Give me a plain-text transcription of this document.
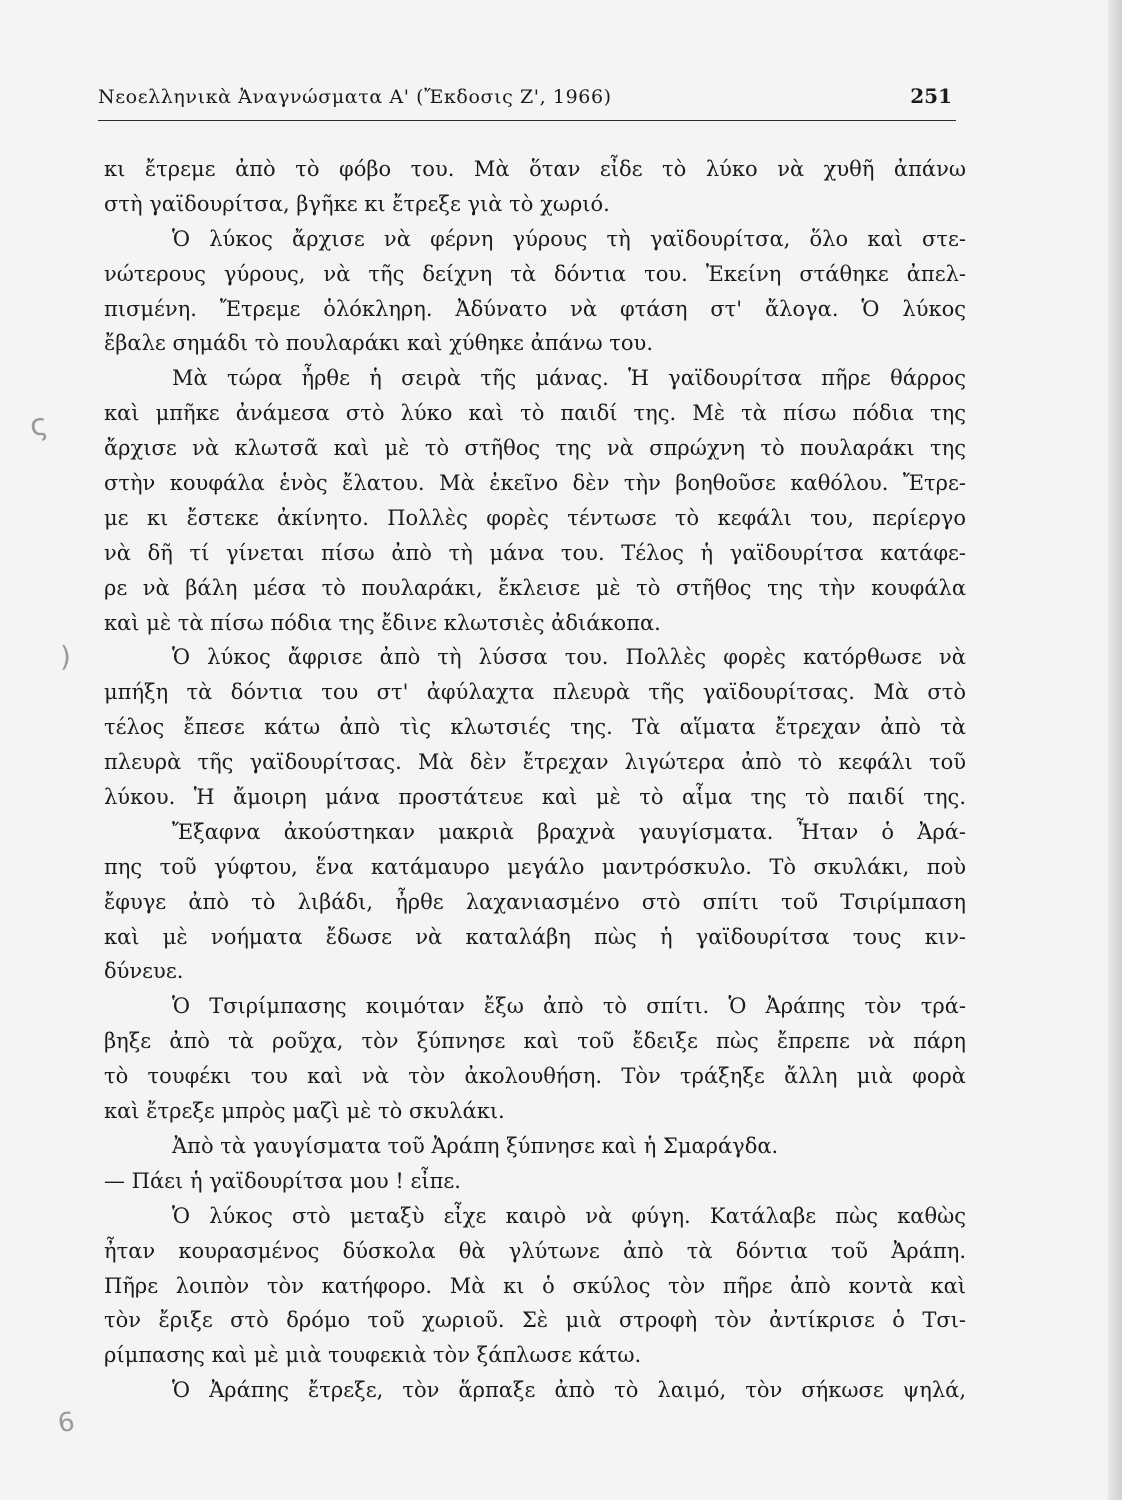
Νεοελληνικὰ Ἀναγνώσματα Α' (Ἔκδοσις Ζ', 1966)	251
κι ἔτρεμε ἀπὸ τὸ φόβο του. Μὰ ὅταν εἶδε τὸ λύκο νὰ χυθῆ ἀπάνω
στὴ γαϊδουρίτσα, βγῆκε κι ἔτρεξε γιὰ τὸ χωριό.
Ὁ λύκος ἄρχισε νὰ φέρνη γύρους τὴ γαϊδουρίτσα, ὅλο καὶ στε-
νώτερους γύρους, νὰ τῆς δείχνη τὰ δόντια του. Ἐκείνη στάθηκε ἀπελ-
πισμένη. Ἔτρεμε ὁλόκληρη. Ἀδύνατο νὰ φτάση στ' ἄλογα. Ὁ λύκος
ἔβαλε σημάδι τὸ πουλαράκι καὶ χύθηκε ἀπάνω του.
Μὰ τώρα ἦρθε ἡ σειρὰ τῆς μάνας. Ἡ γαϊδουρίτσα πῆρε θάρρος
καὶ μπῆκε ἀνάμεσα στὸ λύκο καὶ τὸ παιδί της. Μὲ τὰ πίσω πόδια της
ἄρχισε νὰ κλωτσᾶ καὶ μὲ τὸ στῆθος της νὰ σπρώχνη τὸ πουλαράκι της
στὴν κουφάλα ἑνὸς ἔλατου. Μὰ ἐκεῖνο δὲν τὴν βοηθοῦσε καθόλου. Ἔτρε-
με κι ἔστεκε ἀκίνητο. Πολλὲς φορὲς τέντωσε τὸ κεφάλι του, περίεργο
νὰ δῆ τί γίνεται πίσω ἀπὸ τὴ μάνα του. Τέλος ἡ γαϊδουρίτσα κατάφε-
ρε νὰ βάλη μέσα τὸ πουλαράκι, ἔκλεισε μὲ τὸ στῆθος της τὴν κουφάλα
καὶ μὲ τὰ πίσω πόδια της ἔδινε κλωτσιὲς ἀδιάκοπα.
Ὁ λύκος ἄφρισε ἀπὸ τὴ λύσσα του. Πολλὲς φορὲς κατόρθωσε νὰ
μπήξη τὰ δόντια του στ' ἀφύλαχτα πλευρὰ τῆς γαϊδουρίτσας. Μὰ στὸ
τέλος ἔπεσε κάτω ἀπὸ τὶς κλωτσιές της. Τὰ αἵματα ἔτρεχαν ἀπὸ τὰ
πλευρὰ τῆς γαϊδουρίτσας. Μὰ δὲν ἔτρεχαν λιγώτερα ἀπὸ τὸ κεφάλι τοῦ
λύκου. Ἡ ἄμοιρη μάνα προστάτευε καὶ μὲ τὸ αἷμα της τὸ παιδί της.
Ἔξαφνα ἀκούστηκαν μακριὰ βραχνὰ γαυγίσματα. Ἦταν ὁ Ἀρά-
πης τοῦ γύφτου, ἕνα κατάμαυρο μεγάλο μαντρόσκυλο. Τὸ σκυλάκι, ποὺ
ἔφυγε ἀπὸ τὸ λιβάδι, ἦρθε λαχανιασμένο στὸ σπίτι τοῦ Τσιρίμπαση
καὶ μὲ νοήματα ἔδωσε νὰ καταλάβη πὼς ἡ γαϊδουρίτσα τους κιν-
δύνευε.
Ὁ Τσιρίμπασης κοιμόταν ἔξω ἀπὸ τὸ σπίτι. Ὁ Ἀράπης τὸν τρά-
βηξε ἀπὸ τὰ ροῦχα, τὸν ξύπνησε καὶ τοῦ ἔδειξε πὼς ἔπρεπε νὰ πάρη
τὸ τουφέκι του καὶ νὰ τὸν ἀκολουθήση. Τὸν τράξηξε ἄλλη μιὰ φορὰ
καὶ ἔτρεξε μπρὸς μαζὶ μὲ τὸ σκυλάκι.
Ἀπὸ τὰ γαυγίσματα τοῦ Ἀράπη ξύπνησε καὶ ἡ Σμαράγδα.
— Πάει ἡ γαϊδουρίτσα μου ! εἶπε.
Ὁ λύκος στὸ μεταξὺ εἶχε καιρὸ νὰ φύγη. Κατάλαβε πὼς καθὼς
ἦταν κουρασμένος δύσκολα θὰ γλύτωνε ἀπὸ τὰ δόντια τοῦ Ἀράπη.
Πῆρε λοιπὸν τὸν κατήφορο. Μὰ κι ὁ σκύλος τὸν πῆρε ἀπὸ κοντὰ καὶ
τὸν ἔριξε στὸ δρόμο τοῦ χωριοῦ. Σὲ μιὰ στροφὴ τὸν ἀντίκρισε ὁ Τσι-
ρίμπασης καὶ μὲ μιὰ τουφεκιὰ τὸν ξάπλωσε κάτω.
Ὁ Ἀράπης ἔτρεξε, τὸν ἅρπαξε ἀπὸ τὸ λαιμό, τὸν σήκωσε ψηλά,
ς
)
6
